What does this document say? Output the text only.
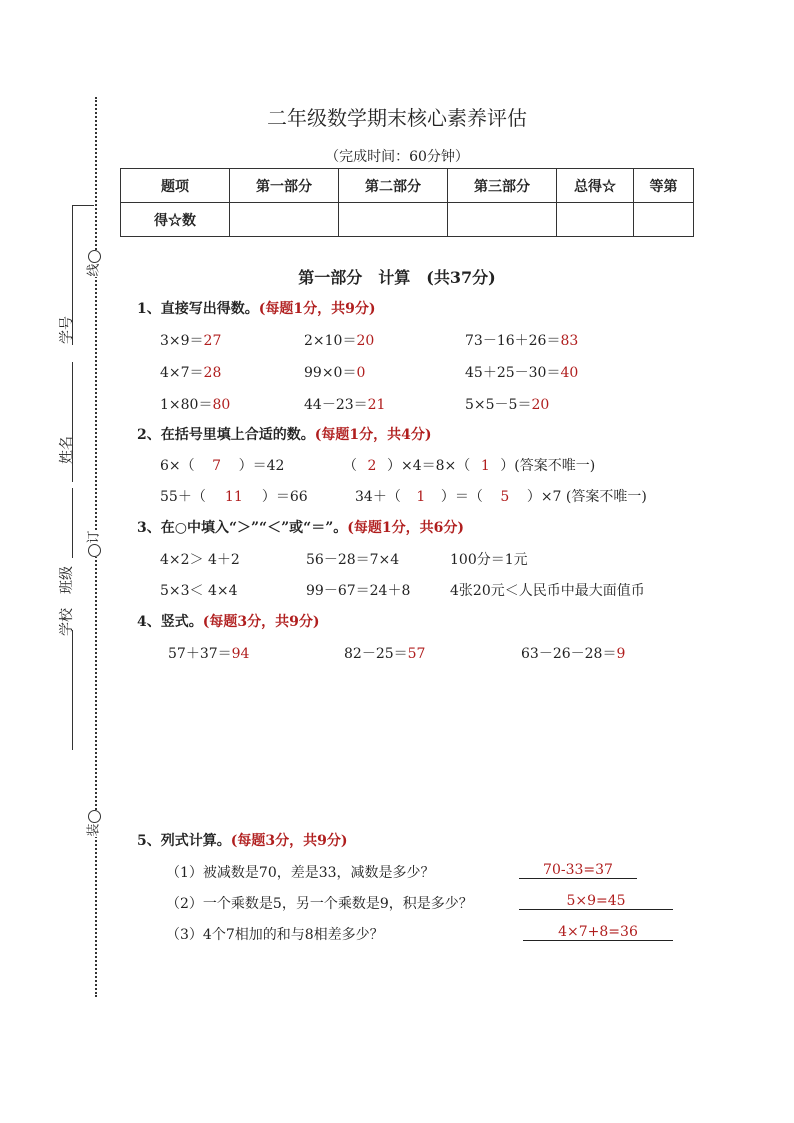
线
订
装
学号
姓名
班级
学校
二年级数学期末核心素养评估
（完成时间：60分钟）
题项	第一部分	第二部分	第三部分	总得☆	等第
得☆数					
第一部分　计算　(共37分)
1、直接写出得数。(每题1分，共9分)
3×9＝27	2×10＝20	73－16＋26＝83
4×7＝28	99×0＝0	45＋25－30＝40
1×80＝80	44－23＝21	5×5－5＝20
2、在括号里填上合适的数。(每题1分，共4分)
6×（ 7 ）＝42	（ 2 ）×4＝8×（ 1 ）(答案不唯一)
55＋（ 11 ）＝66	34＋（ 1 ）＝（ 5 ）×7 (答案不唯一)
3、在○中填入“＞”“＜”或“＝”。(每题1分，共6分)
4×2＞ 4＋2	56－28＝7×4	100分＝1元
5×3＜ 4×4	99－67＝24＋8	4张20元＜人民币中最大面值币
4、竖式。(每题3分，共9分)
57＋37＝94	82－25＝57	63－26－28＝9
5、列式计算。(每题3分，共9分)
（1）被减数是70，差是33，减数是多少？	70-33=37
（2）一个乘数是5，另一个乘数是9，积是多少？	5×9=45
（3）4个7相加的和与8相差多少？	4×7+8=36
